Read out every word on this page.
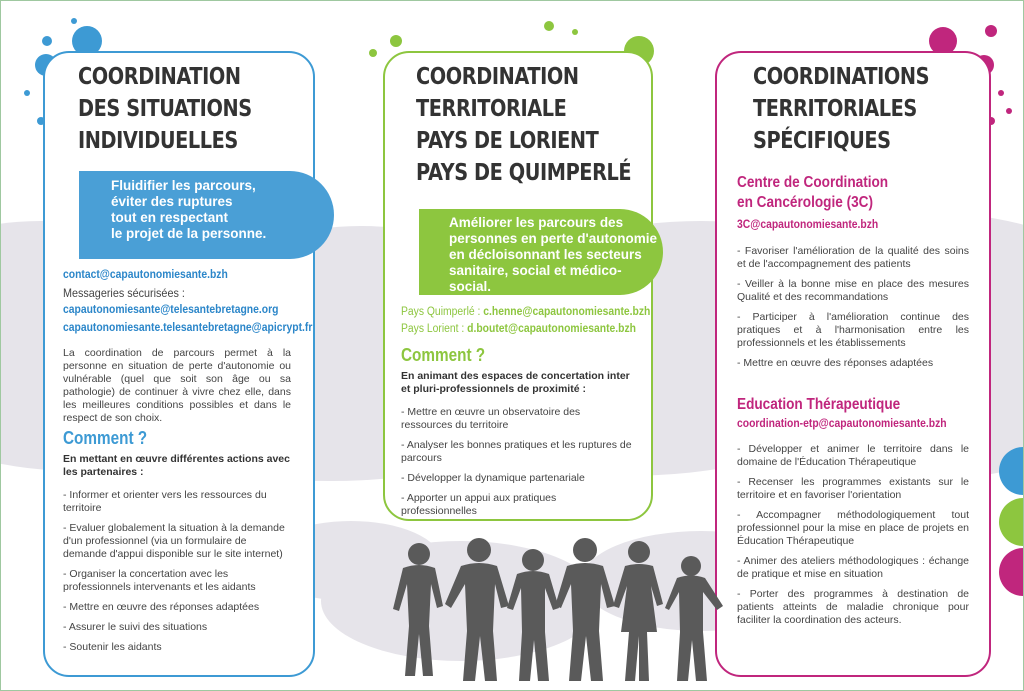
COORDINATION
DES SITUATIONS
INDIVIDUELLES
Fluidifier les parcours,
éviter des ruptures
tout en respectant
le projet de la personne.
contact@capautonomiesante.bzh
Messageries sécurisées :
capautonomiesante@telesantebretagne.org
capautonomiesante.telesantebretagne@apicrypt.fr
La coordination de parcours permet à la personne en situation de perte d'autonomie ou vulnérable (quel que soit son âge ou sa pathologie) de continuer à vivre chez elle, dans les meilleures conditions possibles et dans le respect de son choix.
Comment ?
En mettant en œuvre différentes actions avec les partenaires :
- Informer et orienter vers les ressources du territoire
- Evaluer globalement la situation à la demande d'un professionnel (via un formulaire de demande d'appui disponible sur le site internet)
- Organiser la concertation avec les professionnels intervenants et les aidants
- Mettre en œuvre des réponses adaptées
- Assurer le suivi des situations
- Soutenir les aidants
COORDINATION
TERRITORIALE
PAYS DE LORIENT
PAYS DE QUIMPERLÉ
Améliorer les parcours des
personnes en perte d'autonomie
en décloisonnant les secteurs
sanitaire, social et médico-social.
Pays Quimperlé : c.henne@capautonomiesante.bzh
Pays Lorient : d.boutet@capautonomiesante.bzh
Comment ?
En animant des espaces de concertation inter et pluri-professionnels de proximité :
- Mettre en œuvre un observatoire des ressources du territoire
- Analyser les bonnes pratiques et les ruptures de parcours
- Développer la dynamique partenariale
- Apporter un appui aux pratiques professionnelles
COORDINATIONS
TERRITORIALES
SPÉCIFIQUES
Centre de Coordination
en Cancérologie (3C)
3C@capautonomiesante.bzh
- Favoriser l'amélioration de la qualité des soins et de l'accompagnement des patients
- Veiller à la bonne mise en place des mesures Qualité et des recommandations
- Participer à l'amélioration continue des pratiques et à l'harmonisation entre les professionnels et les établissements
- Mettre en œuvre des réponses adaptées
Education Thérapeutique
coordination-etp@capautonomiesante.bzh
- Développer et animer le territoire dans le domaine de l'Éducation Thérapeutique
- Recenser les programmes existants sur le territoire et en favoriser l'orientation
- Accompagner méthodologiquement tout professionnel pour la mise en place de projets en Éducation Thérapeutique
- Animer des ateliers méthodologiques : échange de pratique et mise en situation
- Porter des programmes à destination de patients atteints de maladie chronique pour faciliter la coordination des acteurs.
